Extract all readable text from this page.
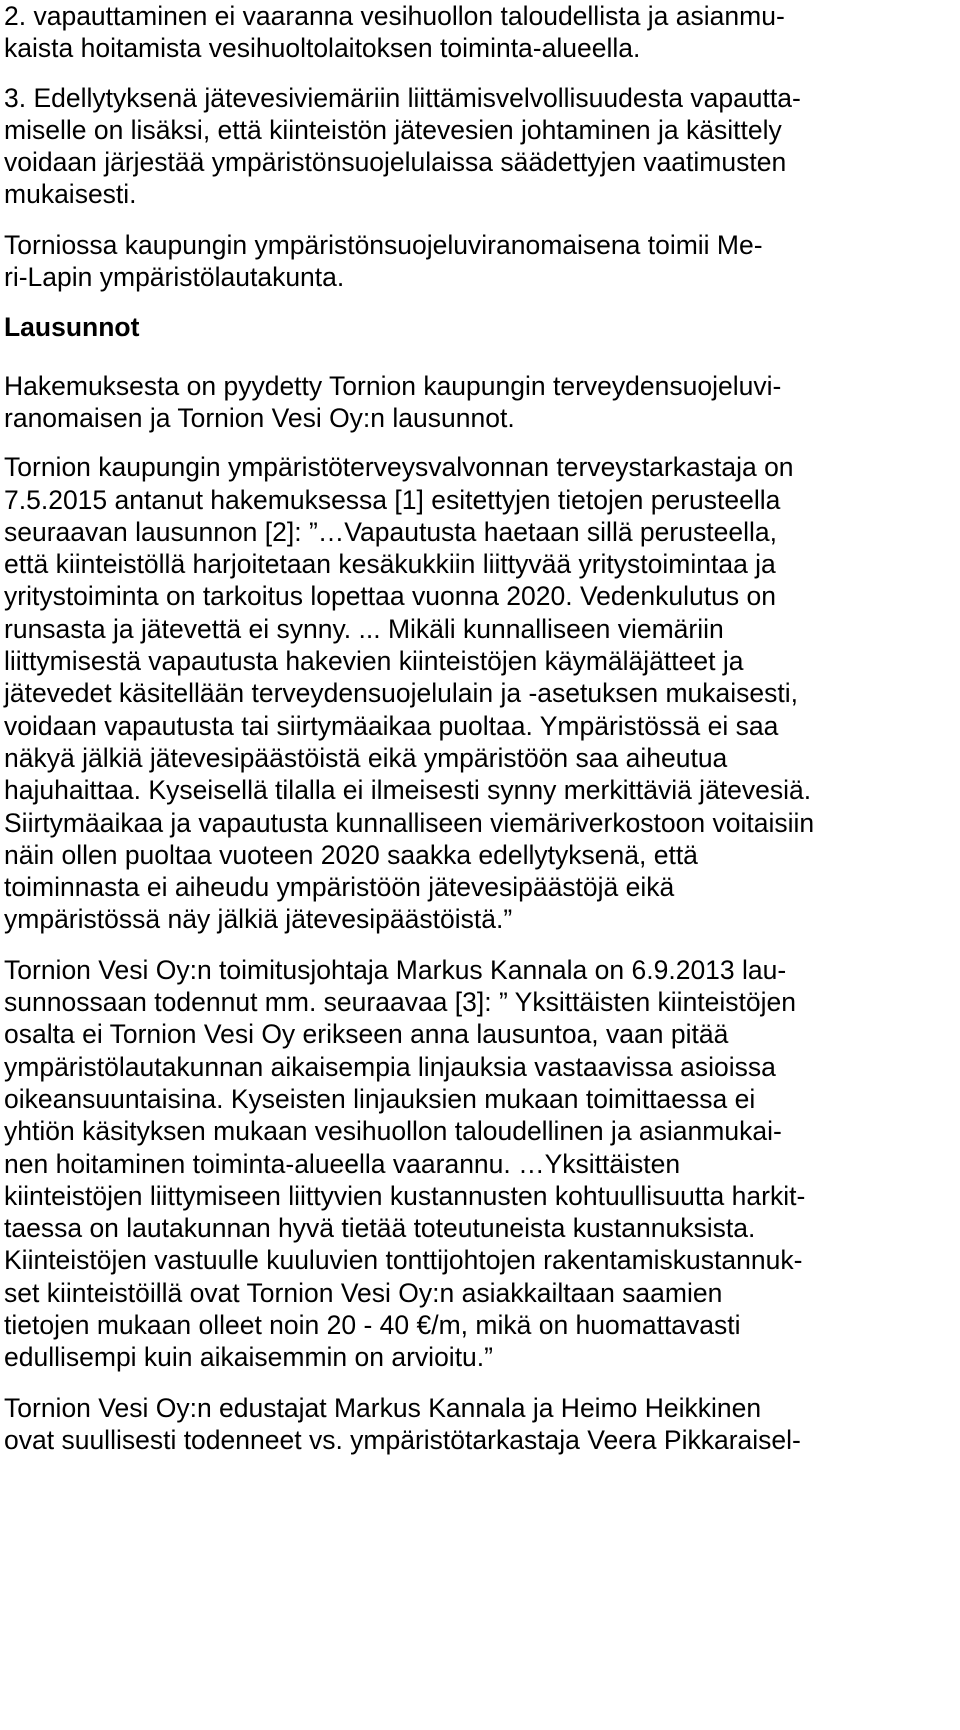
2. vapauttaminen ei vaaranna vesihuollon taloudellista ja asianmu-
kaista hoitamista vesihuoltolaitoksen toiminta-alueella.
3. Edellytyksenä jätevesiviemäriin liittämisvelvollisuudesta vapautta-
miselle on lisäksi, että kiinteistön jätevesien johtaminen ja käsittely
voidaan järjestää ympäristönsuojelulaissa säädettyjen vaatimusten
mukaisesti.
Torniossa kaupungin ympäristönsuojeluviranomaisena toimii Me-
ri-Lapin ympäristölautakunta.
Lausunnot
Hakemuksesta on pyydetty Tornion kaupungin terveydensuojeluvi-
ranomaisen ja Tornion Vesi Oy:n lausunnot.
Tornion kaupungin ympäristöterveysvalvonnan terveystarkastaja on
7.5.2015 antanut hakemuksessa [1] esitettyjen tietojen perusteella
seuraavan lausunnon [2]: ”…Vapautusta haetaan sillä perusteella,
että kiinteistöllä harjoitetaan kesäkukkiin liittyvää yritystoimintaa ja
yritystoiminta on tarkoitus lopettaa vuonna 2020. Vedenkulutus on
runsasta ja jätevettä ei synny. ... Mikäli kunnalliseen viemäriin
liittymisestä vapautusta hakevien kiinteistöjen käymäläjätteet ja
jätevedet käsitellään terveydensuojelulain ja -asetuksen mukaisesti,
voidaan vapautusta tai siirtymäaikaa puoltaa. Ympäristössä ei saa
näkyä jälkiä jätevesipäästöistä eikä ympäristöön saa aiheutua
hajuhaittaa. Kyseisellä tilalla ei ilmeisesti synny merkittäviä jätevesiä.
Siirtymäaikaa ja vapautusta kunnalliseen viemäriverkostoon voitaisiin
näin ollen puoltaa vuoteen 2020 saakka edellytyksenä, että
toiminnasta ei aiheudu ympäristöön jätevesipäästöjä eikä
ympäristössä näy jälkiä jätevesipäästöistä.”
Tornion Vesi Oy:n toimitusjohtaja Markus Kannala on 6.9.2013 lau-
sunnossaan todennut mm. seuraavaa [3]: ” Yksittäisten kiinteistöjen
osalta ei Tornion Vesi Oy erikseen anna lausuntoa, vaan pitää
ympäristölautakunnan aikaisempia linjauksia vastaavissa asioissa
oikeansuuntaisina. Kyseisten linjauksien mukaan toimittaessa ei
yhtiön käsityksen mukaan vesihuollon taloudellinen ja asianmukai-
nen hoitaminen toiminta-alueella vaarannu. …Yksittäisten
kiinteistöjen liittymiseen liittyvien kustannusten kohtuullisuutta harkit-
taessa on lautakunnan hyvä tietää toteutuneista kustannuksista.
Kiinteistöjen vastuulle kuuluvien tonttijohtojen rakentamiskustannuk-
set kiinteistöillä ovat Tornion Vesi Oy:n asiakkailtaan saamien
tietojen mukaan olleet noin 20 - 40 €/m, mikä on huomattavasti
edullisempi kuin aikaisemmin on arvioitu.”
Tornion Vesi Oy:n edustajat Markus Kannala ja Heimo Heikkinen
ovat suullisesti todenneet vs. ympäristötarkastaja Veera Pikkaraisel-
